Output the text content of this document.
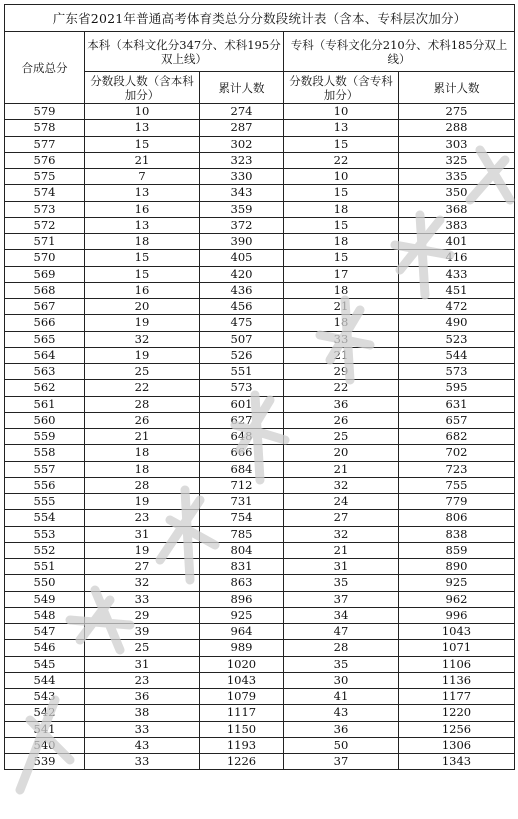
广东省2021年普通高考体育类总分分数段统计表（含本、专科层次加分）				
合成总分	本科（本科文化分347分、术科195分双上线）		专科（专科文化分210分、术科185分双上线）	
	分数段人数（含本科加分）	累计人数	分数段人数（含专科加分）	累计人数
579	10	274	10	275
578	13	287	13	288
577	15	302	15	303
576	21	323	22	325
575	7	330	10	335
574	13	343	15	350
573	16	359	18	368
572	13	372	15	383
571	18	390	18	401
570	15	405	15	416
569	15	420	17	433
568	16	436	18	451
567	20	456	21	472
566	19	475	18	490
565	32	507	33	523
564	19	526	21	544
563	25	551	29	573
562	22	573	22	595
561	28	601	36	631
560	26	627	26	657
559	21	648	25	682
558	18	666	20	702
557	18	684	21	723
556	28	712	32	755
555	19	731	24	779
554	23	754	27	806
553	31	785	32	838
552	19	804	21	859
551	27	831	31	890
550	32	863	35	925
549	33	896	37	962
548	29	925	34	996
547	39	964	47	1043
546	25	989	28	1071
545	31	1020	35	1106
544	23	1043	30	1136
543	36	1079	41	1177
542	38	1117	43	1220
541	33	1150	36	1256
540	43	1193	50	1306
539	33	1226	37	1343
